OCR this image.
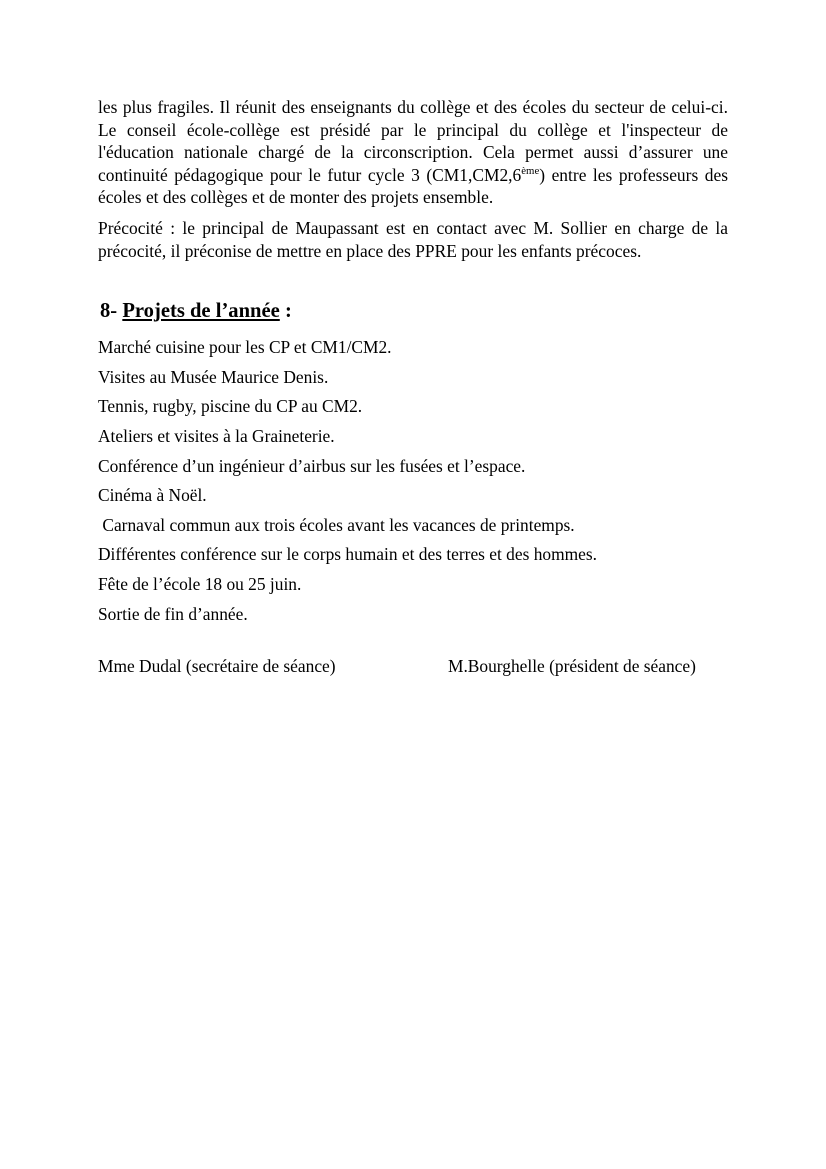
les plus fragiles. Il réunit des enseignants du collège et des écoles du secteur de celui-ci. Le conseil école-collège est présidé par le principal du collège et l'inspecteur de l'éducation nationale chargé de la circonscription. Cela permet aussi d’assurer une continuité pédagogique pour le futur cycle 3 (CM1,CM2,6ème) entre les professeurs des écoles et des collèges et de monter des projets ensemble.

Précocité : le principal de Maupassant est en contact avec M. Sollier en charge de la précocité, il préconise de mettre en place des PPRE pour les enfants précoces.

8- Projets de l’année :
Marché cuisine pour les CP et CM1/CM2.
Visites au Musée Maurice Denis.
Tennis, rugby, piscine du CP au CM2.
Ateliers et visites à la Graineterie.
Conférence d’un ingénieur d’airbus sur les fusées et l’espace.
Cinéma à Noël.
Carnaval commun aux trois écoles avant les vacances de printemps.
Différentes conférence sur le corps humain et des terres et des hommes.
Fête de l’école 18 ou 25 juin.
Sortie de fin d’année.
Mme Dudal (secrétaire de séance)	M.Bourghelle (président de séance)
